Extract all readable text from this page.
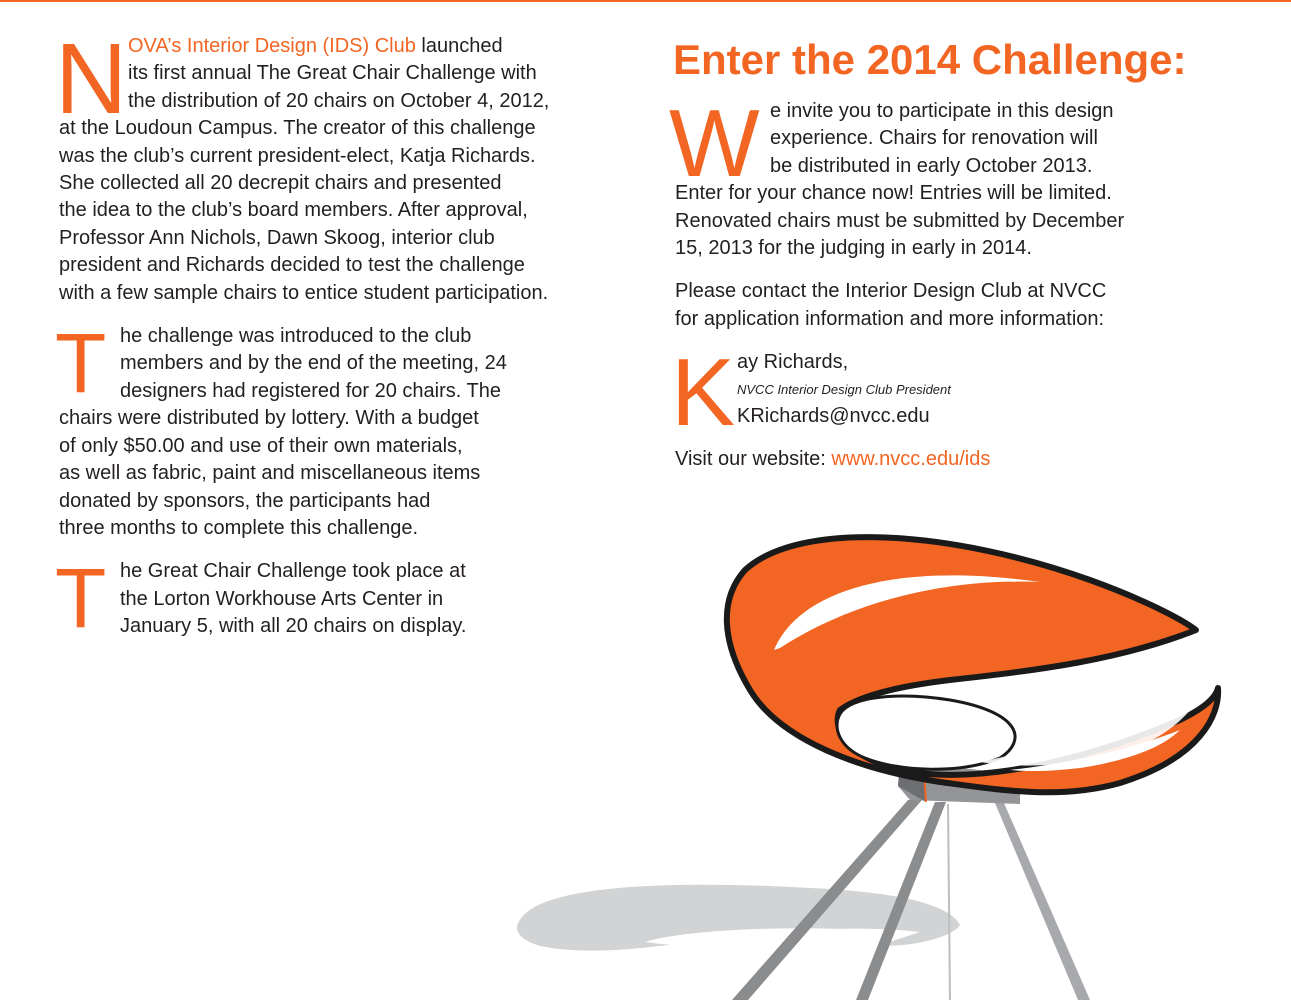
N OVA’s Interior Design (IDS) Club launched
its first annual The Great Chair Challenge with
the distribution of 20 chairs on October 4, 2012,
at the Loudoun Campus. The creator of this challenge
was the club’s current president-elect, Katja Richards.
She collected all 20 decrepit chairs and presented
the idea to the club’s board members. After approval,
Professor Ann Nichols, Dawn Skoog, interior club
president and Richards decided to test the challenge
with a few sample chairs to entice student participation.
T he challenge was introduced to the club
members and by the end of the meeting, 24
designers had registered for 20 chairs. The
chairs were distributed by lottery. With a budget
of only $50.00 and use of their own materials,
as well as fabric, paint and miscellaneous items
donated by sponsors, the participants had
three months to complete this challenge.
T he Great Chair Challenge took place at
the Lorton Workhouse Arts Center in
January 5, with all 20 chairs on display.
Enter the 2014 Challenge:
W e invite you to participate in this design
experience. Chairs for renovation will
be distributed in early October 2013.
Enter for your chance now! Entries will be limited.
Renovated chairs must be submitted by December
15, 2013 for the judging in early in 2014.
Please contact the Interior Design Club at NVCC
for application information and more information:
K ay Richards,
NVCC Interior Design Club President
KRichards@nvcc.edu
Visit our website: www.nvcc.edu/ids
